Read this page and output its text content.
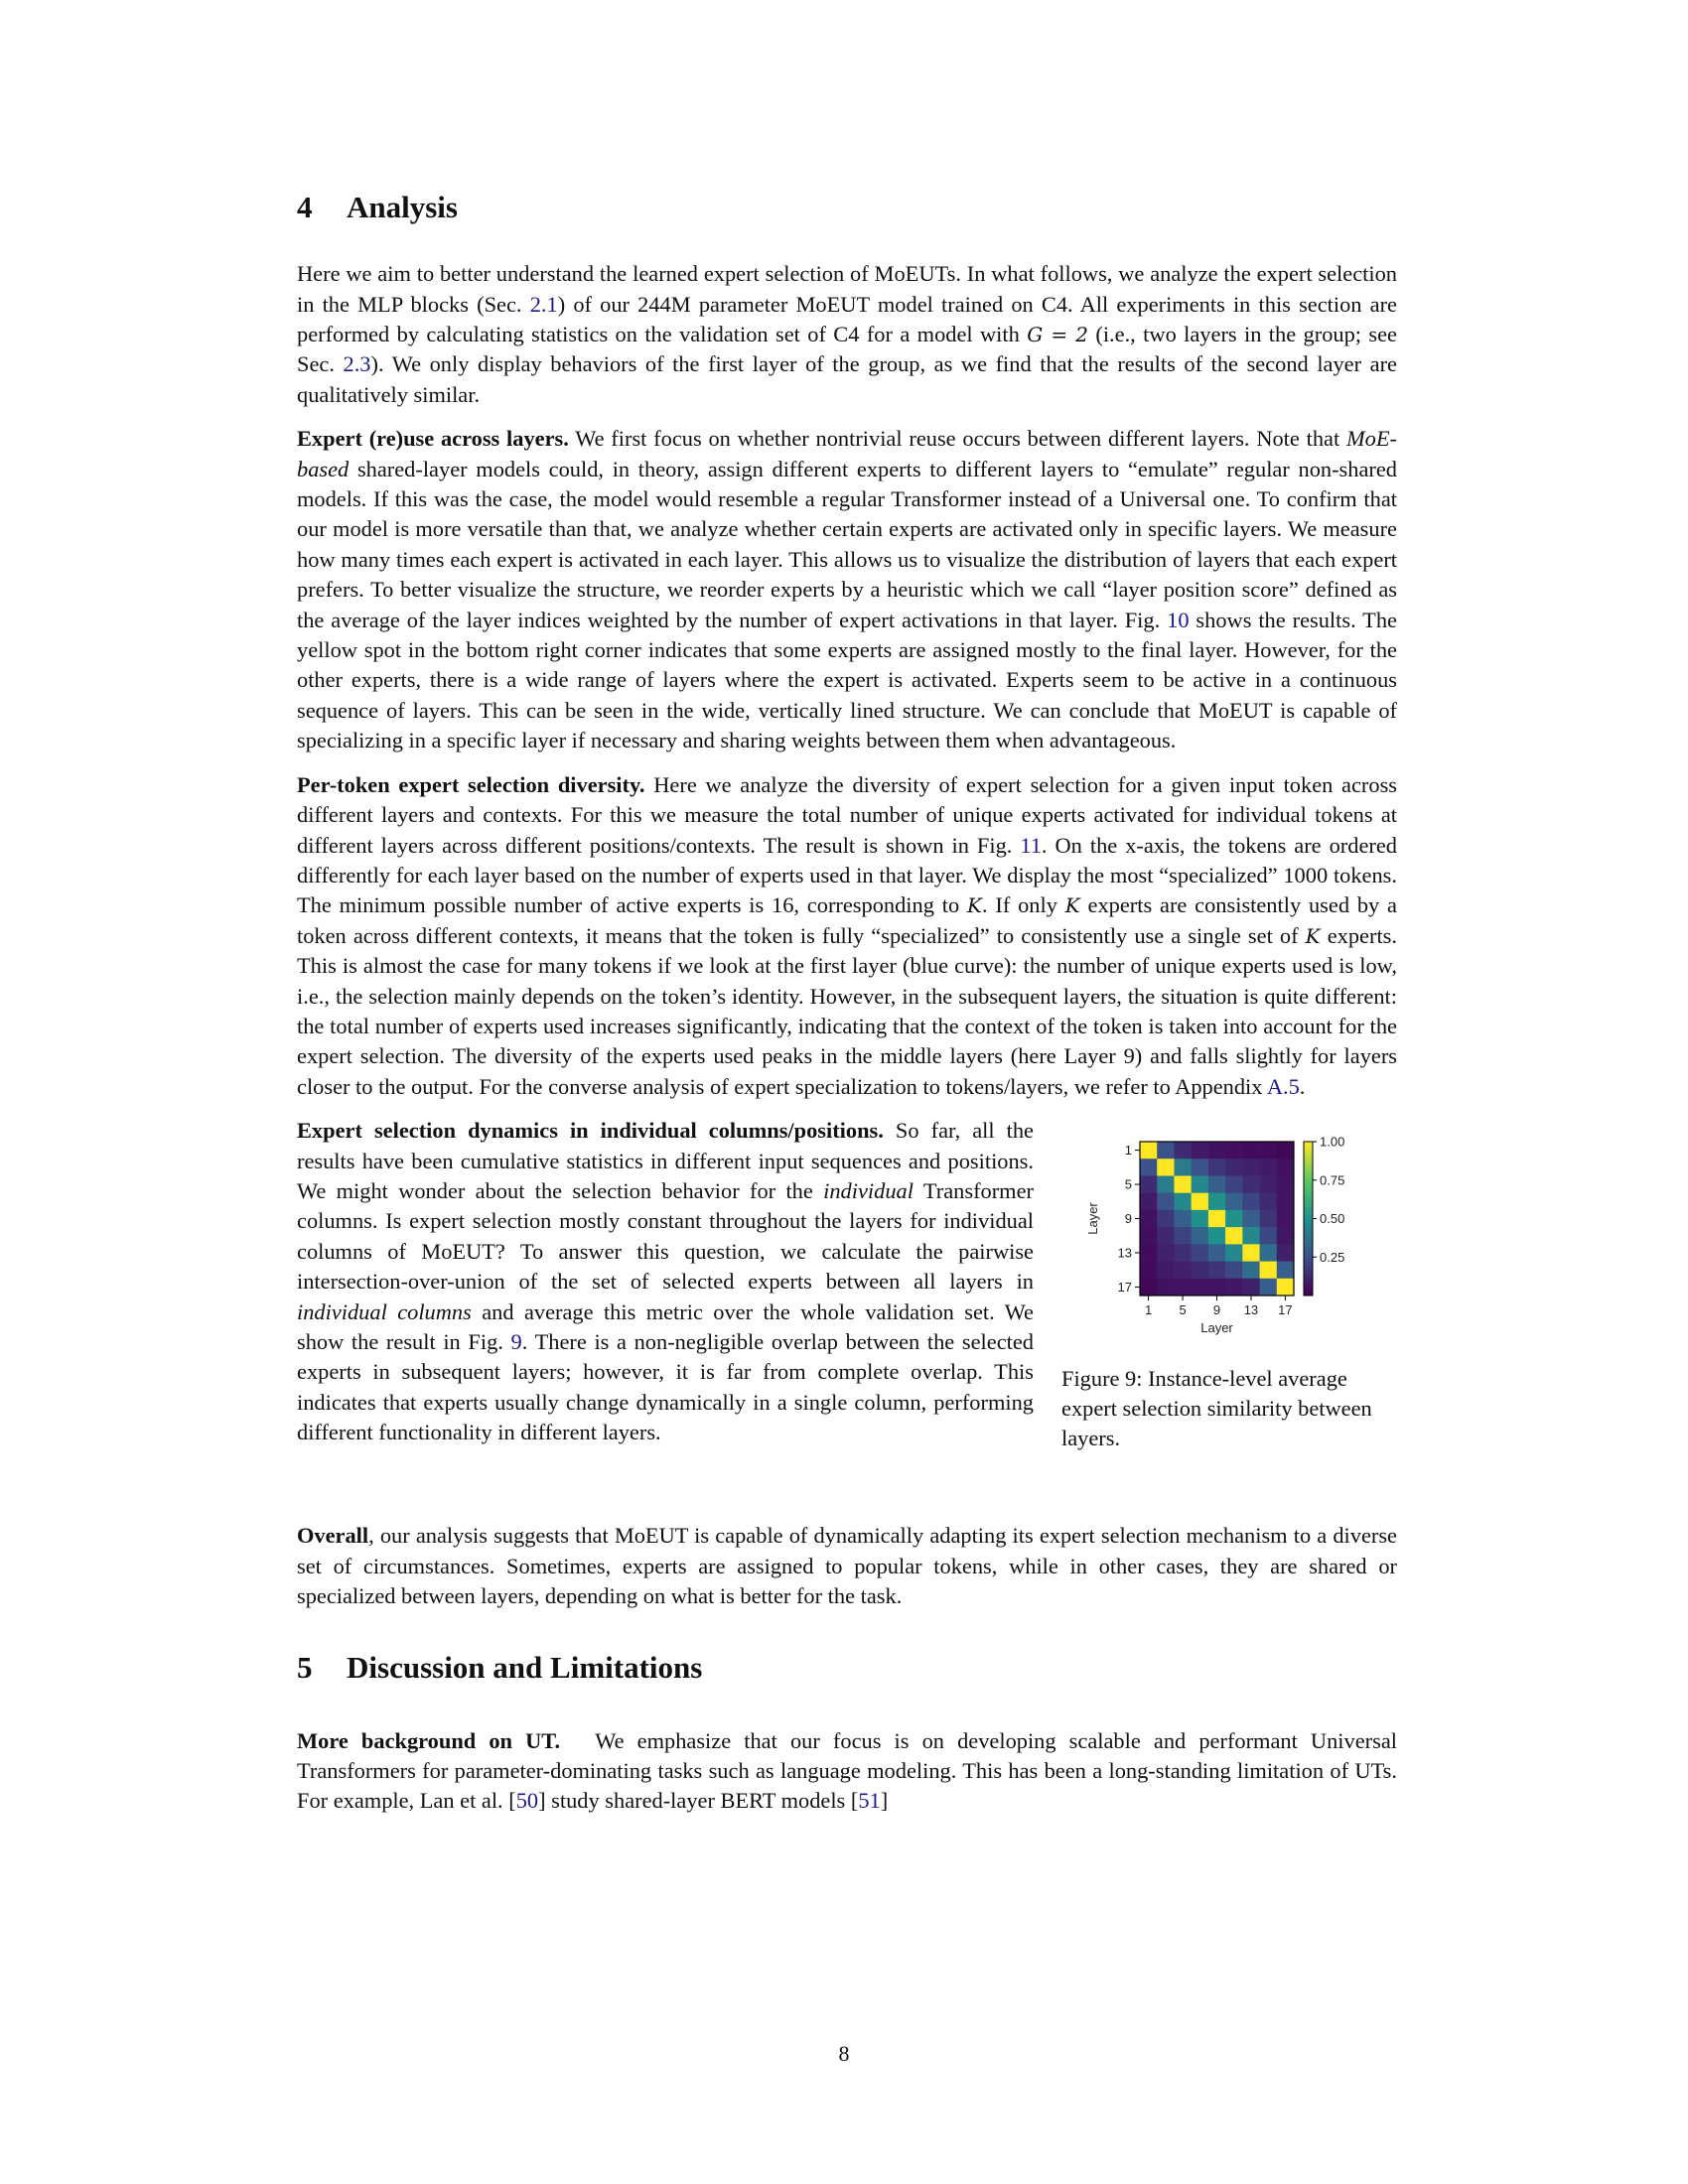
4 Analysis

Here we aim to better understand the learned expert selection of MoEUTs. In what follows, we analyze the expert selection in the MLP blocks (Sec. 2.1) of our 244M parameter MoEUT model trained on C4. All experiments in this section are performed by calculating statistics on the validation set of C4 for a model with G = 2 (i.e., two layers in the group; see Sec. 2.3). We only display behaviors of the first layer of the group, as we find that the results of the second layer are qualitatively similar.

Expert (re)use across layers. We first focus on whether nontrivial reuse occurs between different layers. Note that MoE-based shared-layer models could, in theory, assign different experts to different layers to “emulate” regular non-shared models. If this was the case, the model would resemble a regular Transformer instead of a Universal one. To confirm that our model is more versatile than that, we analyze whether certain experts are activated only in specific layers. We measure how many times each expert is activated in each layer. This allows us to visualize the distribution of layers that each expert prefers. To better visualize the structure, we reorder experts by a heuristic which we call “layer position score” defined as the average of the layer indices weighted by the number of expert activations in that layer. Fig. 10 shows the results. The yellow spot in the bottom right corner indicates that some experts are assigned mostly to the final layer. However, for the other experts, there is a wide range of layers where the expert is activated. Experts seem to be active in a continuous sequence of layers. This can be seen in the wide, vertically lined structure. We can conclude that MoEUT is capable of specializing in a specific layer if necessary and sharing weights between them when advantageous.

Per-token expert selection diversity. Here we analyze the diversity of expert selection for a given input token across different layers and contexts. For this we measure the total number of unique experts activated for individual tokens at different layers across different positions/contexts. The result is shown in Fig. 11. On the x-axis, the tokens are ordered differently for each layer based on the number of experts used in that layer. We display the most “specialized” 1000 tokens. The minimum possible number of active experts is 16, corresponding to K. If only K experts are consistently used by a token across different contexts, it means that the token is fully “specialized” to consistently use a single set of K experts. This is almost the case for many tokens if we look at the first layer (blue curve): the number of unique experts used is low, i.e., the selection mainly depends on the token’s identity. However, in the subsequent layers, the situation is quite different: the total number of experts used increases significantly, indicating that the context of the token is taken into account for the expert selection. The diversity of the experts used peaks in the middle layers (here Layer 9) and falls slightly for layers closer to the output. For the converse analysis of expert specialization to tokens/layers, we refer to Appendix A.5.

Expert selection dynamics in individual columns/positions. So far, all the results have been cumulative statistics in different input sequences and positions. We might wonder about the selection behavior for the individual Transformer columns. Is expert selection mostly constant throughout the layers for individual columns of MoEUT? To answer this question, we calculate the pairwise intersection-over-union of the set of selected experts between all layers in individual columns and average this metric over the whole validation set. We show the result in Fig. 9. There is a non-negligible overlap between the selected experts in subsequent layers; however, it is far from complete overlap. This indicates that experts usually change dynamically in a single column, performing different functionality in different layers.

1
5
9
13
17
1 5 9 13 17
Layer
Layer
1.00
0.75
0.50
0.25
Figure 9: Instance-level average expert selection similarity between layers.

Overall, our analysis suggests that MoEUT is capable of dynamically adapting its expert selection mechanism to a diverse set of circumstances. Sometimes, experts are assigned to popular tokens, while in other cases, they are shared or specialized between layers, depending on what is better for the task.

5 Discussion and Limitations

More background on UT.  We emphasize that our focus is on developing scalable and performant Universal Transformers for parameter-dominating tasks such as language modeling. This has been a long-standing limitation of UTs. For example, Lan et al. [50] study shared-layer BERT models [51]

8
